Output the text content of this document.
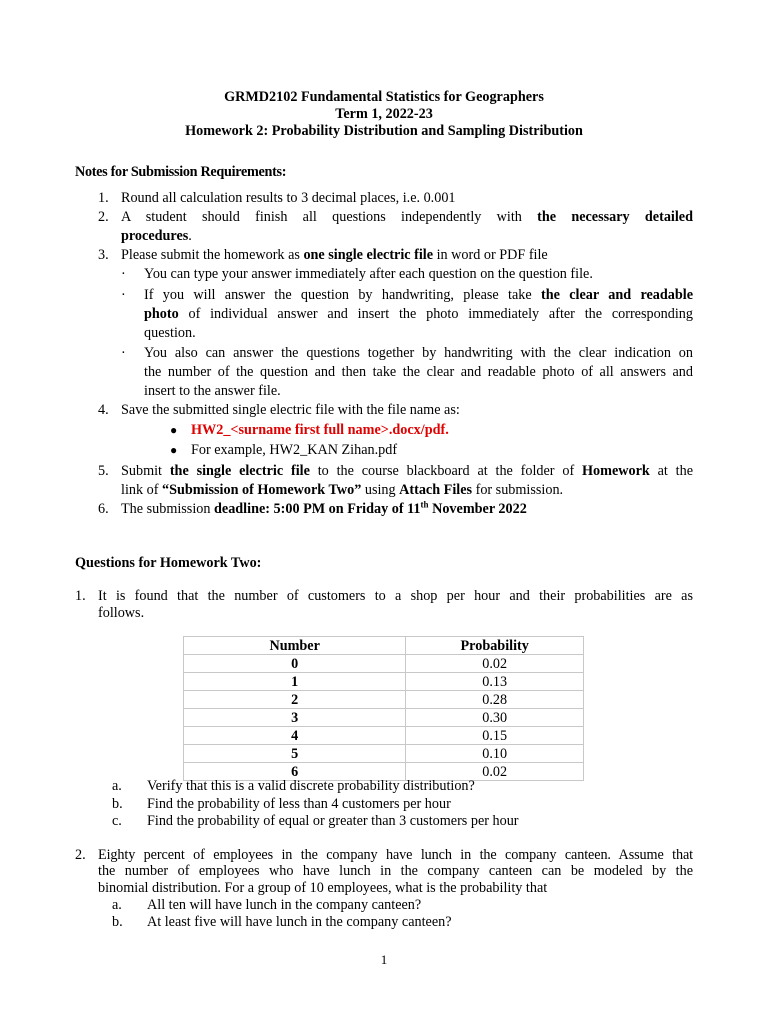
GRMD2102 Fundamental Statistics for Geographers
Term 1, 2022-23
Homework 2: Probability Distribution and Sampling Distribution
Notes for Submission Requirements:
1. Round all calculation results to 3 decimal places, i.e. 0.001
2. A student should finish all questions independently with the necessary detailed
procedures.
3. Please submit the homework as one single electric file in word or PDF file
· You can type your answer immediately after each question on the question file.
· If you will answer the question by handwriting, please take the clear and readable
photo of individual answer and insert the photo immediately after the corresponding
question.
· You also can answer the questions together by handwriting with the clear indication on
the number of the question and then take the clear and readable photo of all answers and
insert to the answer file.
4. Save the submitted single electric file with the file name as:
● HW2_<surname first full name>.docx/pdf.
● For example, HW2_KAN Zihan.pdf
5. Submit the single electric file to the course blackboard at the folder of Homework at the
link of “Submission of Homework Two” using Attach Files for submission.
6. The submission deadline: 5:00 PM on Friday of 11th November 2022
Questions for Homework Two:
1. It is found that the number of customers to a shop per hour and their probabilities are as
follows.
Number	Probability
0	0.02
1	0.13
2	0.28
3	0.30
4	0.15
5	0.10
6	0.02
a. Verify that this is a valid discrete probability distribution?
b. Find the probability of less than 4 customers per hour
c. Find the probability of equal or greater than 3 customers per hour
2. Eighty percent of employees in the company have lunch in the company canteen. Assume that
the number of employees who have lunch in the company canteen can be modeled by the
binomial distribution. For a group of 10 employees, what is the probability that
a. All ten will have lunch in the company canteen?
b. At least five will have lunch in the company canteen?
1
